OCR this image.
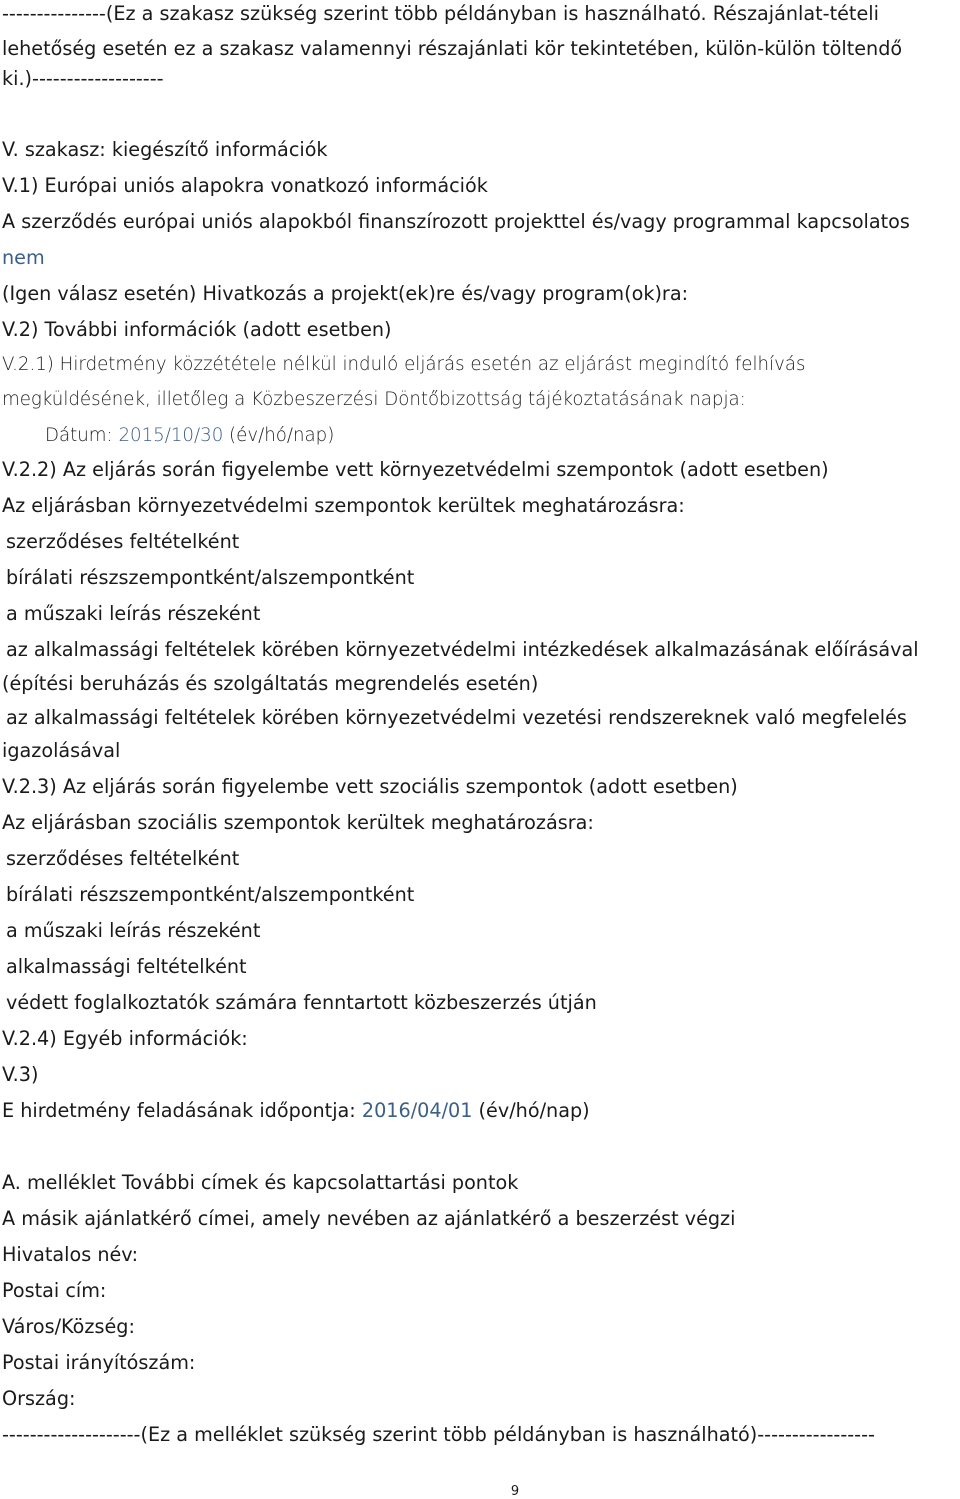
---------------(Ez a szakasz szükség szerint több példányban is használható. Részajánlat-tételi
lehetőség esetén ez a szakasz valamennyi részajánlati kör tekintetében, külön-külön töltendő
ki.)-------------------
V. szakasz: kiegészítő információk
V.1) Európai uniós alapokra vonatkozó információk
A szerződés európai uniós alapokból finanszírozott projekttel és/vagy programmal kapcsolatos
nem
(Igen válasz esetén) Hivatkozás a projekt(ek)re és/vagy program(ok)ra:
V.2) További információk (adott esetben)
V.2.1) Hirdetmény közzététele nélkül induló eljárás esetén az eljárást megindító felhívás
megküldésének, illetőleg a Közbeszerzési Döntőbizottság tájékoztatásának napja:
Dátum: 2015/10/30 (év/hó/nap)
V.2.2) Az eljárás során figyelembe vett környezetvédelmi szempontok (adott esetben)
Az eljárásban környezetvédelmi szempontok kerültek meghatározásra:
szerződéses feltételként
bírálati részszempontként/alszempontként
a műszaki leírás részeként
az alkalmassági feltételek körében környezetvédelmi intézkedések alkalmazásának előírásával
(építési beruházás és szolgáltatás megrendelés esetén)
az alkalmassági feltételek körében környezetvédelmi vezetési rendszereknek való megfelelés
igazolásával
V.2.3) Az eljárás során figyelembe vett szociális szempontok (adott esetben)
Az eljárásban szociális szempontok kerültek meghatározásra:
szerződéses feltételként
bírálati részszempontként/alszempontként
a műszaki leírás részeként
alkalmassági feltételként
védett foglalkoztatók számára fenntartott közbeszerzés útján
V.2.4) Egyéb információk:
V.3)
E hirdetmény feladásának időpontja: 2016/04/01 (év/hó/nap)
A. melléklet További címek és kapcsolattartási pontok
A másik ajánlatkérő címei, amely nevében az ajánlatkérő a beszerzést végzi
Hivatalos név:
Postai cím:
Város/Község:
Postai irányítószám:
Ország:
--------------------(Ez a melléklet szükség szerint több példányban is használható)-----------------
9
